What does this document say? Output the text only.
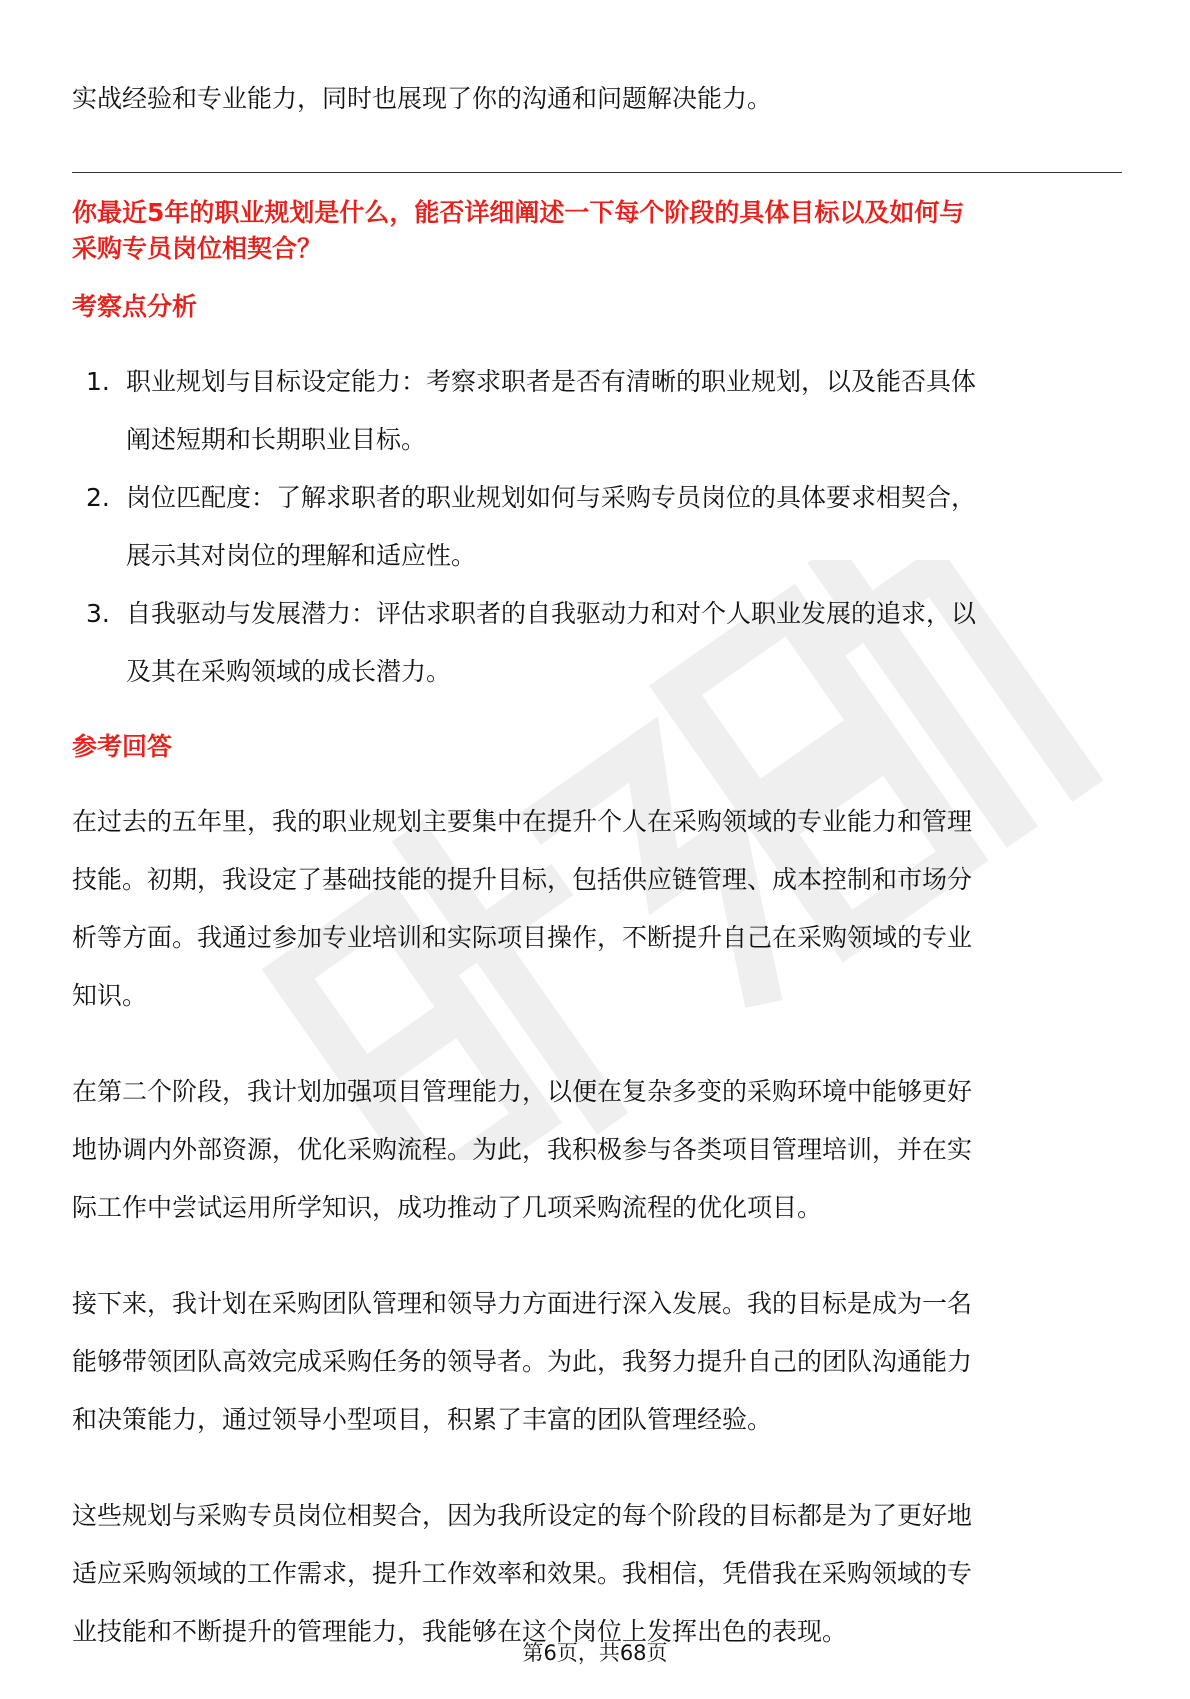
实战经验和专业能力，同时也展现了你的沟通和问题解决能力。

你最近5年的职业规划是什么，能否详细阐述一下每个阶段的具体目标以及如何与
采购专员岗位相契合？
考察点分析
1. 职业规划与目标设定能力：考察求职者是否有清晰的职业规划，以及能否具体
阐述短期和长期职业目标。
2. 岗位匹配度：了解求职者的职业规划如何与采购专员岗位的具体要求相契合，
展示其对岗位的理解和适应性。
3. 自我驱动与发展潜力：评估求职者的自我驱动力和对个人职业发展的追求，以
及其在采购领域的成长潜力。
参考回答
在过去的五年里，我的职业规划主要集中在提升个人在采购领域的专业能力和管理
技能。初期，我设定了基础技能的提升目标，包括供应链管理、成本控制和市场分
析等方面。我通过参加专业培训和实际项目操作，不断提升自己在采购领域的专业
知识。
在第二个阶段，我计划加强项目管理能力，以便在复杂多变的采购环境中能够更好
地协调内外部资源，优化采购流程。为此，我积极参与各类项目管理培训，并在实
际工作中尝试运用所学知识，成功推动了几项采购流程的优化项目。
接下来，我计划在采购团队管理和领导力方面进行深入发展。我的目标是成为一名
能够带领团队高效完成采购任务的领导者。为此，我努力提升自己的团队沟通能力
和决策能力，通过领导小型项目，积累了丰富的团队管理经验。
这些规划与采购专员岗位相契合，因为我所设定的每个阶段的目标都是为了更好地
适应采购领域的工作需求，提升工作效率和效果。我相信，凭借我在采购领域的专
业技能和不断提升的管理能力，我能够在这个岗位上发挥出色的表现。
第6页，共68页
